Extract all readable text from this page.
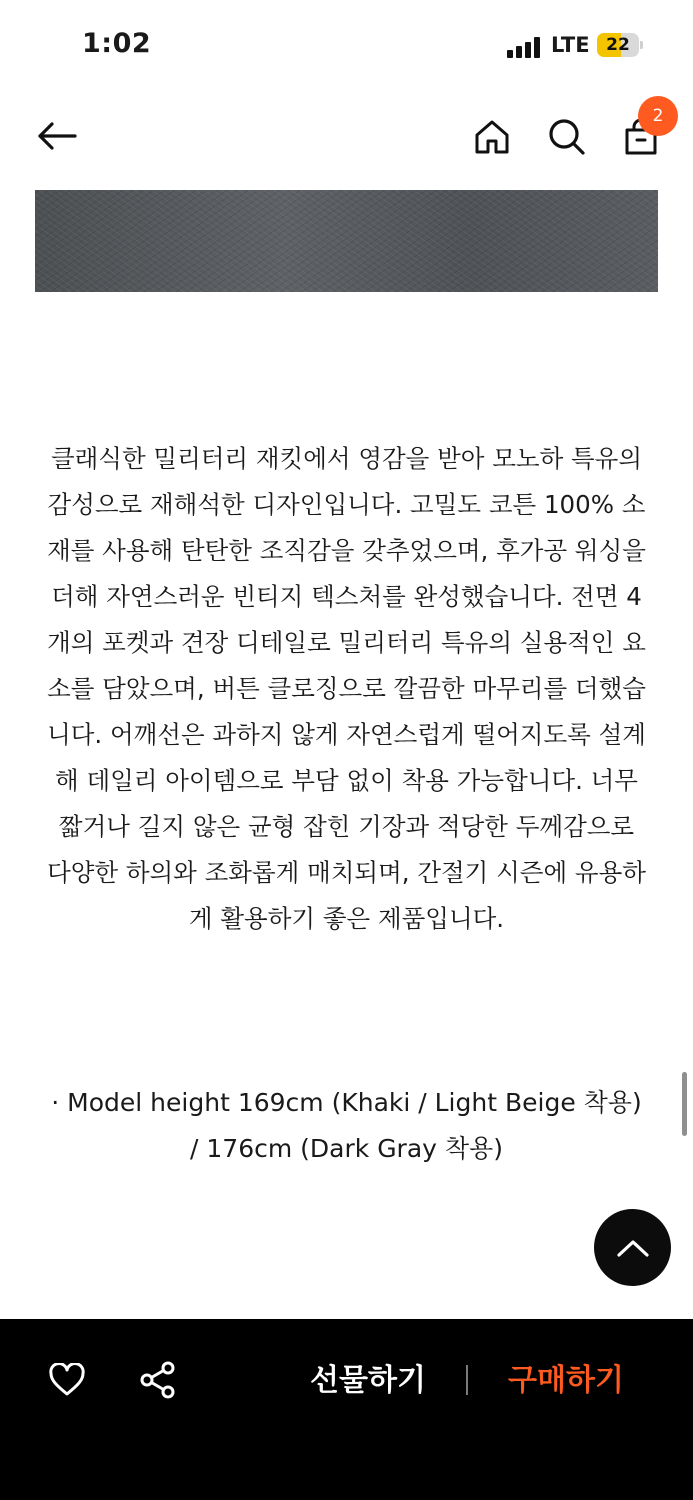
1:02	LTE 22
2
클래식한 밀리터리 재킷에서 영감을 받아 모노하 특유의
감성으로 재해석한 디자인입니다. 고밀도 코튼 100% 소
재를 사용해 탄탄한 조직감을 갖추었으며, 후가공 워싱을
더해 자연스러운 빈티지 텍스처를 완성했습니다. 전면 4
개의 포켓과 견장 디테일로 밀리터리 특유의 실용적인 요
소를 담았으며, 버튼 클로징으로 깔끔한 마무리를 더했습
니다. 어깨선은 과하지 않게 자연스럽게 떨어지도록 설계
해 데일리 아이템으로 부담 없이 착용 가능합니다. 너무
짧거나 길지 않은 균형 잡힌 기장과 적당한 두께감으로
다양한 하의와 조화롭게 매치되며, 간절기 시즌에 유용하
게 활용하기 좋은 제품입니다.
· Model height 169cm (Khaki / Light Beige 착용)
/ 176cm (Dark Gray 착용)
선물하기	구매하기
